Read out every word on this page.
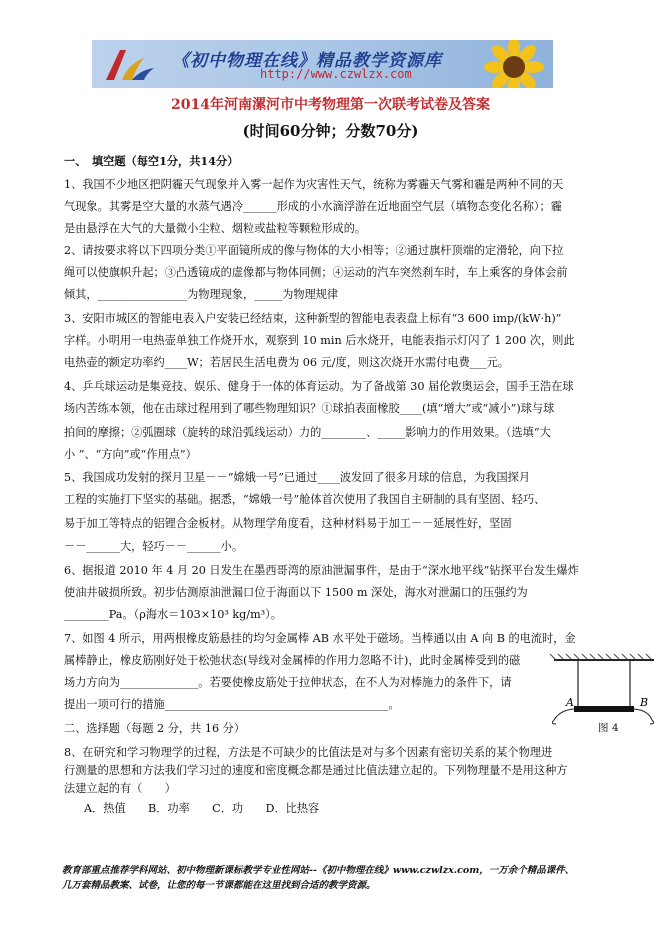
《初中物理在线》精品教学资源库
http://www.czwlzx.com
2014年河南漯河市中考物理第一次联考试卷及答案
(时间60分钟；分数70分)
一、　填空题（每空1分，共14分）
1、我国不少地区把阴霾天气现象并入雾一起作为灾害性天气，统称为雾霾天气雾和霾是两种不同的天
气现象。其雾是空大量的水蒸气遇冷______形成的小水滴浮游在近地面空气层（填物态变化名称）；霾
是由悬浮在大气的大量微小尘粒、烟粒或盐粒等颗粒形成的。
2、请按要求将以下四项分类①平面镜所成的像与物体的大小相等；②通过旗杆顶端的定滑轮，向下拉
绳可以使旗帜升起；③凸透镜成的虚像都与物体同侧；④运动的汽车突然刹车时，车上乘客的身体会前
倾其，________________为物理现象，_____为物理规律
3、安阳市城区的智能电表入户安装已经结束，这种新型的智能电表表盘上标有“3 600 imp/(kW·h)”
字样。小明用一电热壶单独工作烧开水，观察到 10 min 后水烧开，电能表指示灯闪了 1 200 次，则此
电热壶的额定功率约____W；若居民生活电费为 06 元/度，则这次烧开水需付电费___元。
4、乒乓球运动是集竞技、娱乐、健身于一体的体育运动。为了备战第 30 届伦敦奥运会，国手王浩在球
场内苦练本领，他在击球过程用到了哪些物理知识？①球拍表面橡胶____(填“增大”或“减小”)球与球
拍间的摩擦；②弧圈球（旋转的球沿弧线运动）力的________、_____影响力的作用效果。（选填“大
小 ”、“方向”或“作用点”）
5、我国成功发射的探月卫星－－“嫦娥一号”已通过____波发回了很多月球的信息，为我国探月
工程的实施打下坚实的基础。据悉，“嫦娥一号”舱体首次使用了我国自主研制的具有坚固、轻巧、
易于加工等特点的铝锂合金板材。从物理学角度看，这种材料易于加工－－延展性好，坚固
－－______大，轻巧－－______小。
6、据报道 2010 年 4 月 20 日发生在墨西哥湾的原油泄漏事件，是由于“深水地平线”钻探平台发生爆炸
使油井破损所致。初步估测原油泄漏口位于海面以下 1500 m 深处，海水对泄漏口的压强约为
________Pa。（ρ海水＝103×10³ kg/m³）。
7、如图 4 所示，用两根橡皮筋悬挂的均匀金属棒 AB 水平处于磁场。当棒通以由 A 向 B 的电流时，金
属棒静止，橡皮筋刚好处于松弛状态(导线对金属棒的作用力忽略不计)，此时金属棒受到的磁
场力方向为______________。若要使橡皮筋处于拉伸状态，在不人为对棒施力的条件下，请
提出一项可行的措施________________________________________。
二、选择题（每题 2 分，共 16 分）
8、在研究和学习物理学的过程，方法是不可缺少的比值法是对与多个因素有密切关系的某个物理进
行测量的思想和方法我们学习过的速度和密度概念都是通过比值法建立起的。下列物理量不是用这种方
法建立起的有（　　）
A．热值　　B．功率　　C．功　　D．比热容
A	B
图 4
教育部重点推荐学科网站、初中物理新课标教学专业性网站--《初中物理在线》www.czwlzx.com，一万余个精品课件、
几万套精品教案、试卷，让您的每一节课都能在这里找到合适的教学资源。
